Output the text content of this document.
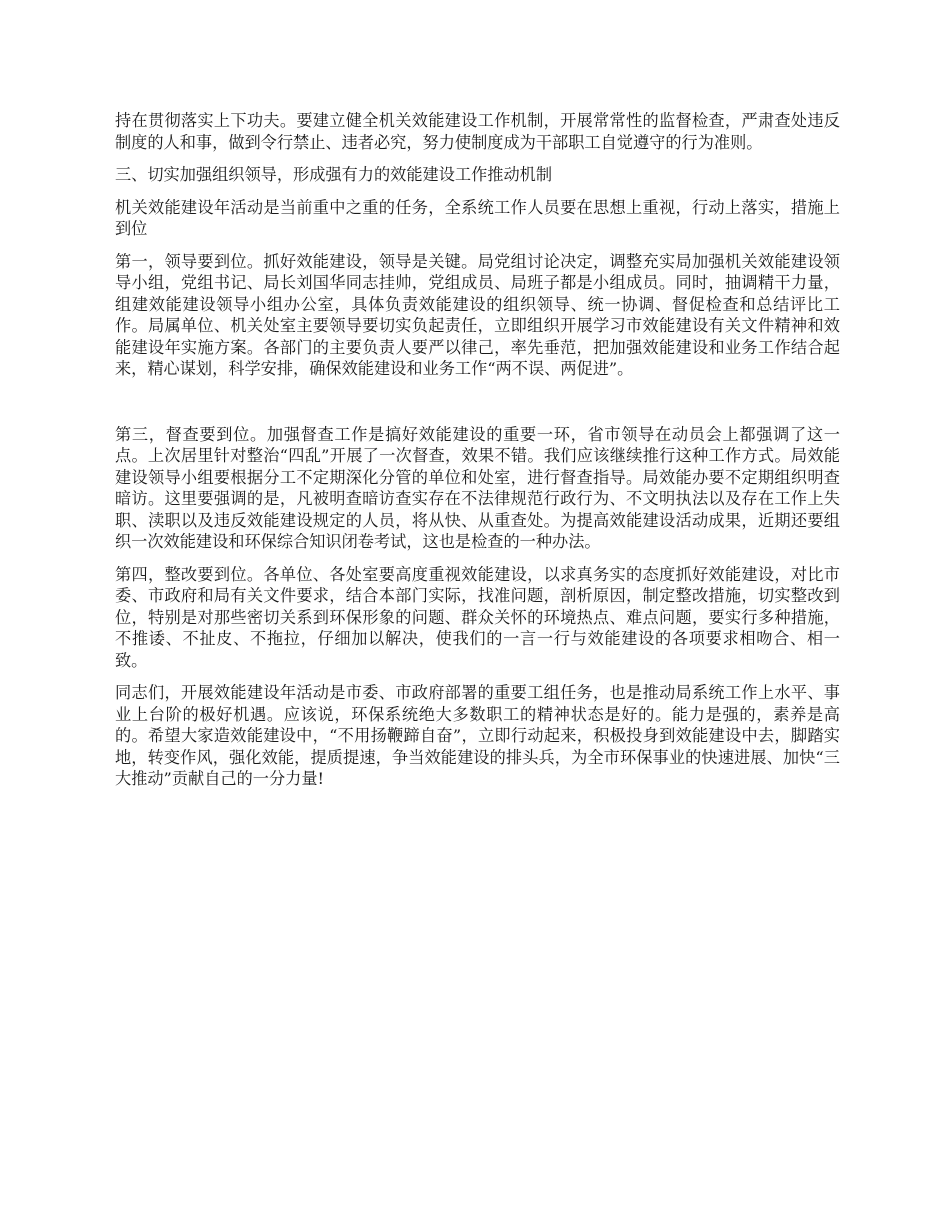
持在贯彻落实上下功夫。要建立健全机关效能建设工作机制，开展常常性的监督检查，严肃查处违反制度的人和事，做到令行禁止、违者必究，努力使制度成为干部职工自觉遵守的行为准则。

三、切实加强组织领导，形成强有力的效能建设工作推动机制

机关效能建设年活动是当前重中之重的任务，全系统工作人员要在思想上重视，行动上落实，措施上到位

第一，领导要到位。抓好效能建设，领导是关键。局党组讨论决定，调整充实局加强机关效能建设领导小组，党组书记、局长刘国华同志挂帅，党组成员、局班子都是小组成员。同时，抽调精干力量，组建效能建设领导小组办公室，具体负责效能建设的组织领导、统一协调、督促检查和总结评比工作。局属单位、机关处室主要领导要切实负起责任，立即组织开展学习市效能建设有关文件精神和效能建设年实施方案。各部门的主要负责人要严以律己，率先垂范，把加强效能建设和业务工作结合起来，精心谋划，科学安排，确保效能建设和业务工作“两不误、两促进”。

第三，督查要到位。加强督查工作是搞好效能建设的重要一环，省市领导在动员会上都强调了这一点。上次居里针对整治“四乱”开展了一次督查，效果不错。我们应该继续推行这种工作方式。局效能建设领导小组要根据分工不定期深化分管的单位和处室，进行督查指导。局效能办要不定期组织明查暗访。这里要强调的是，凡被明查暗访查实存在不法律规范行政行为、不文明执法以及存在工作上失职、渎职以及违反效能建设规定的人员，将从快、从重查处。为提高效能建设活动成果，近期还要组织一次效能建设和环保综合知识闭卷考试，这也是检查的一种办法。

第四，整改要到位。各单位、各处室要高度重视效能建设，以求真务实的态度抓好效能建设，对比市委、市政府和局有关文件要求，结合本部门实际，找准问题，剖析原因，制定整改措施，切实整改到位，特别是对那些密切关系到环保形象的问题、群众关怀的环境热点、难点问题，要实行多种措施，不推诿、不扯皮、不拖拉，仔细加以解决，使我们的一言一行与效能建设的各项要求相吻合、相一致。

同志们，开展效能建设年活动是市委、市政府部署的重要工组任务，也是推动局系统工作上水平、事业上台阶的极好机遇。应该说，环保系统绝大多数职工的精神状态是好的。能力是强的，素养是高的。希望大家造效能建设中，“不用扬鞭蹄自奋”，立即行动起来，积极投身到效能建设中去，脚踏实地，转变作风，强化效能，提质提速，争当效能建设的排头兵，为全市环保事业的快速进展、加快“三大推动”贡献自己的一分力量!
